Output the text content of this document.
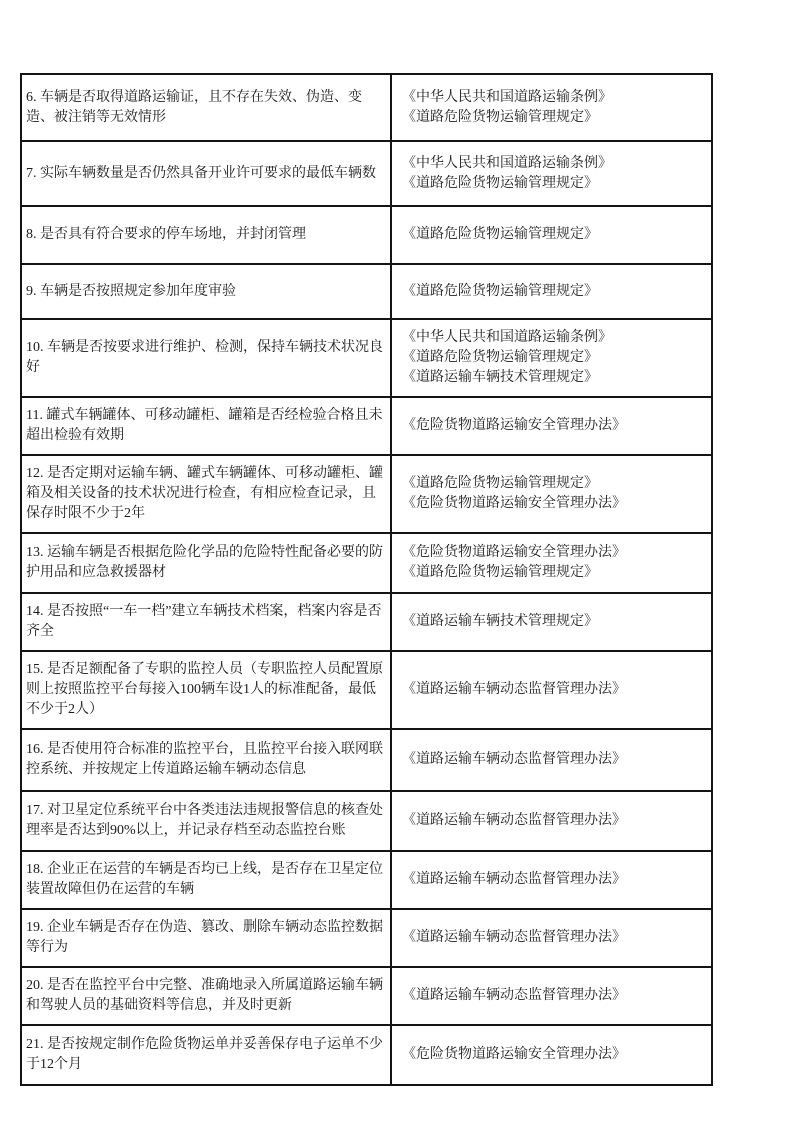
6. 车辆是否取得道路运输证，且不存在失效、伪造、变造、被注销等无效情形
《中华人民共和国道路运输条例》
《道路危险货物运输管理规定》
7. 实际车辆数量是否仍然具备开业许可要求的最低车辆数
《中华人民共和国道路运输条例》
《道路危险货物运输管理规定》
8. 是否具有符合要求的停车场地，并封闭管理	《道路危险货物运输管理规定》
9. 车辆是否按照规定参加年度审验	《道路危险货物运输管理规定》
10. 车辆是否按要求进行维护、检测，保持车辆技术状况良好
《中华人民共和国道路运输条例》
《道路危险货物运输管理规定》
《道路运输车辆技术管理规定》
11. 罐式车辆罐体、可移动罐柜、罐箱是否经检验合格且未超出检验有效期
《危险货物道路运输安全管理办法》
12. 是否定期对运输车辆、罐式车辆罐体、可移动罐柜、罐箱及相关设备的技术状况进行检查，有相应检查记录，且保存时限不少于2年
《道路危险货物运输管理规定》
《危险货物道路运输安全管理办法》
13. 运输车辆是否根据危险化学品的危险特性配备必要的防护用品和应急救援器材
《危险货物道路运输安全管理办法》
《道路危险货物运输管理规定》
14. 是否按照“一车一档”建立车辆技术档案，档案内容是否齐全
《道路运输车辆技术管理规定》
15. 是否足额配备了专职的监控人员（专职监控人员配置原则上按照监控平台每接入100辆车设1人的标准配备，最低不少于2人）
《道路运输车辆动态监督管理办法》
16. 是否使用符合标准的监控平台，且监控平台接入联网联控系统、并按规定上传道路运输车辆动态信息
《道路运输车辆动态监督管理办法》
17. 对卫星定位系统平台中各类违法违规报警信息的核查处理率是否达到90%以上，并记录存档至动态监控台账
《道路运输车辆动态监督管理办法》
18. 企业正在运营的车辆是否均已上线，是否存在卫星定位装置故障但仍在运营的车辆
《道路运输车辆动态监督管理办法》
19. 企业车辆是否存在伪造、篡改、删除车辆动态监控数据等行为
《道路运输车辆动态监督管理办法》
20. 是否在监控平台中完整、准确地录入所属道路运输车辆和驾驶人员的基础资料等信息，并及时更新
《道路运输车辆动态监督管理办法》
21. 是否按规定制作危险货物运单并妥善保存电子运单不少于12个月
《危险货物道路运输安全管理办法》
